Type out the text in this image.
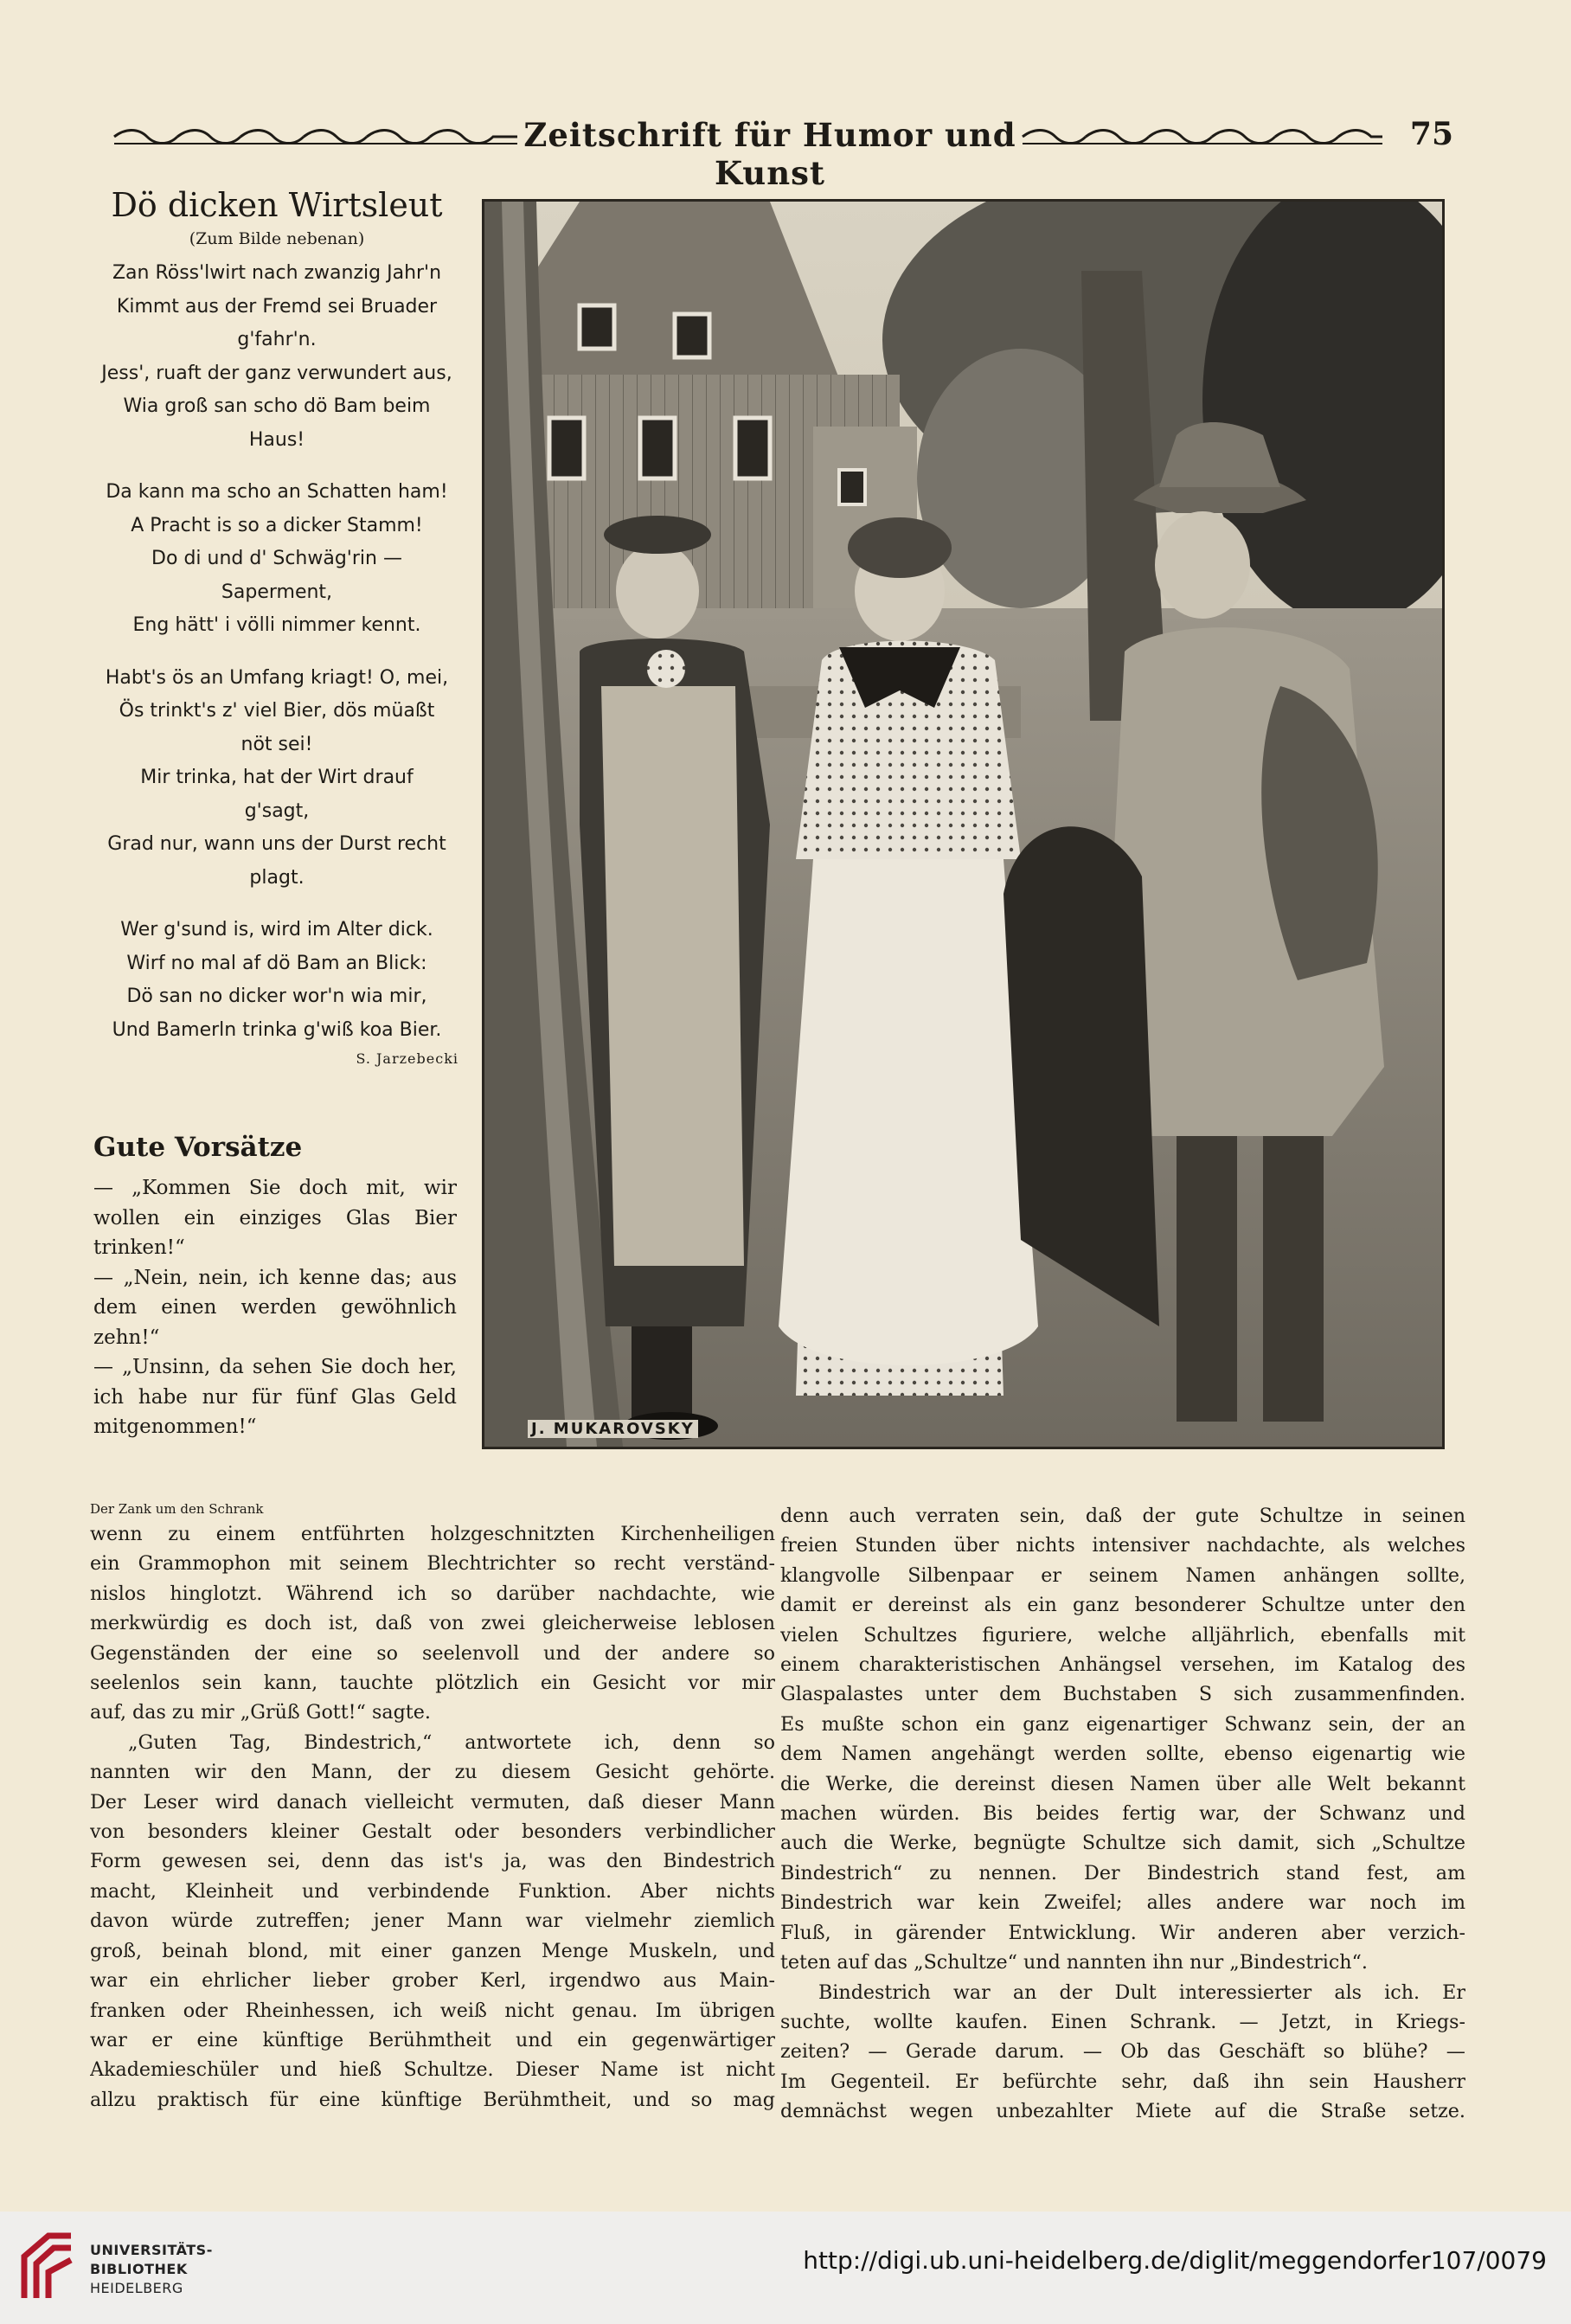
Zeitschrift für Humor und Kunst
75
Dö dicken Wirtsleut
(Zum Bilde nebenan)
Zan Röss'lwirt nach zwanzig Jahr'n
Kimmt aus der Fremd sei Bruader
g'fahr'n.
Jess', ruaft der ganz verwundert aus,
Wia groß san scho dö Bam beim
Haus!
Da kann ma scho an Schatten ham!
A Pracht is so a dicker Stamm!
Do di und d' Schwäg'rin —
Saperment,
Eng hätt' i völli nimmer kennt.
Habt's ös an Umfang kriagt! O, mei,
Ös trinkt's z' viel Bier, dös müaßt
nöt sei!
Mir trinka, hat der Wirt drauf
g'sagt,
Grad nur, wann uns der Durst recht
plagt.
Wer g'sund is, wird im Alter dick.
Wirf no mal af dö Bam an Blick:
Dö san no dicker wor'n wia mir,
Und Bamerln trinka g'wiß koa Bier.
S. Jarzebecki
Gute Vorsätze
— „Kommen Sie doch mit, wir wollen ein einziges Glas Bier trinken!“
— „Nein, nein, ich kenne das; aus dem einen werden gewöhnlich zehn!“
— „Unsinn, da sehen Sie doch her, ich habe nur für fünf Glas Geld mitgenommen!“	J. MUKAROVSKY
Der Zank um den Schrank
wenn zu einem entführten holzgeschnitzten Kirchenheiligen
ein Grammophon mit seinem Blechtrichter so recht verständ-
nislos hinglotzt. Während ich so darüber nachdachte, wie
merkwürdig es doch ist, daß von zwei gleicherweise leblosen
Gegenständen der eine so seelenvoll und der andere so
seelenlos sein kann, tauchte plötzlich ein Gesicht vor mir
auf, das zu mir „Grüß Gott!“ sagte.
„Guten Tag, Bindestrich,“ antwortete ich, denn so
nannten wir den Mann, der zu diesem Gesicht gehörte.
Der Leser wird danach vielleicht vermuten, daß dieser Mann
von besonders kleiner Gestalt oder besonders verbindlicher
Form gewesen sei, denn das ist's ja, was den Bindestrich
macht, Kleinheit und verbindende Funktion. Aber nichts
davon würde zutreffen; jener Mann war vielmehr ziemlich
groß, beinah blond, mit einer ganzen Menge Muskeln, und
war ein ehrlicher lieber grober Kerl, irgendwo aus Main-
franken oder Rheinhessen, ich weiß nicht genau. Im übrigen
war er eine künftige Berühmtheit und ein gegenwärtiger
Akademieschüler und hieß Schultze. Dieser Name ist nicht
allzu praktisch für eine künftige Berühmtheit, und so mag
denn auch verraten sein, daß der gute Schultze in seinen
freien Stunden über nichts intensiver nachdachte, als welches
klangvolle Silbenpaar er seinem Namen anhängen sollte,
damit er dereinst als ein ganz besonderer Schultze unter den
vielen Schultzes figuriere, welche alljährlich, ebenfalls mit
einem charakteristischen Anhängsel versehen, im Katalog des
Glaspalastes unter dem Buchstaben S sich zusammenfinden.
Es mußte schon ein ganz eigenartiger Schwanz sein, der an
dem Namen angehängt werden sollte, ebenso eigenartig wie
die Werke, die dereinst diesen Namen über alle Welt bekannt
machen würden. Bis beides fertig war, der Schwanz und
auch die Werke, begnügte Schultze sich damit, sich „Schultze
Bindestrich“ zu nennen. Der Bindestrich stand fest, am
Bindestrich war kein Zweifel; alles andere war noch im
Fluß, in gärender Entwicklung. Wir anderen aber verzich-
teten auf das „Schultze“ und nannten ihn nur „Bindestrich“.
Bindestrich war an der Dult interessierter als ich. Er
suchte, wollte kaufen. Einen Schrank. — Jetzt, in Kriegs-
zeiten? — Gerade darum. — Ob das Geschäft so blühe? —
Im Gegenteil. Er befürchte sehr, daß ihn sein Hausherr
demnächst wegen unbezahlter Miete auf die Straße setze.
UNIVERSITÄTS-
BIBLIOTHEK
HEIDELBERG
http://digi.ub.uni-heidelberg.de/diglit/meggendorfer107/0079
